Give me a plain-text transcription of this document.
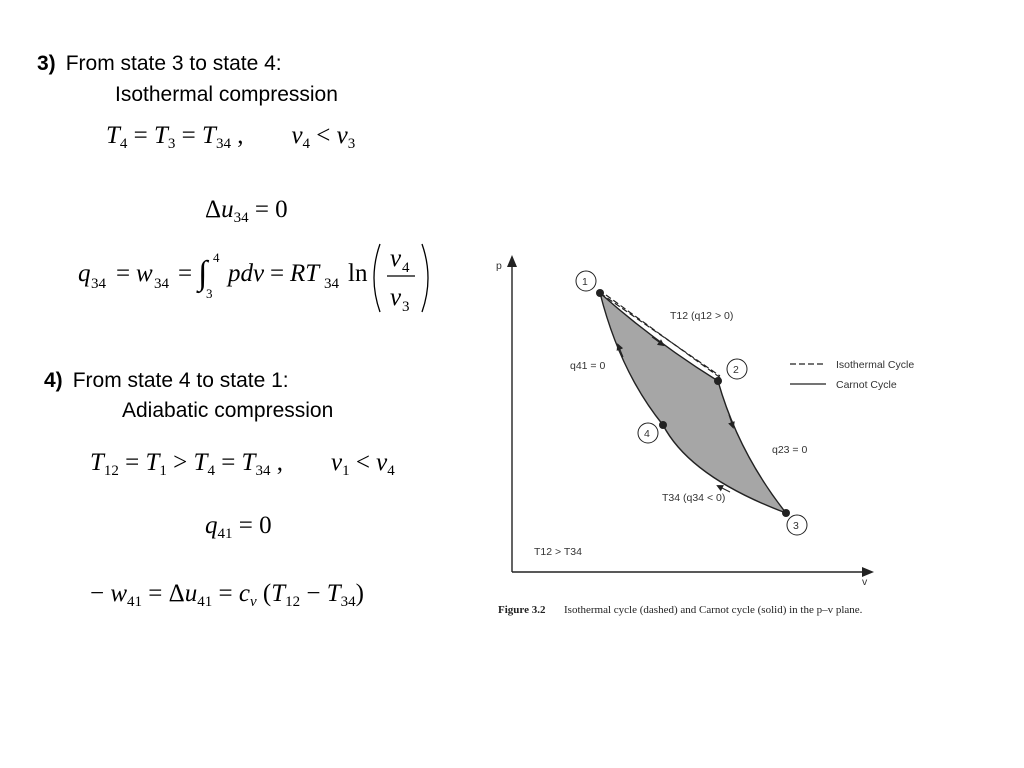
3) From state 3 to state 4:
Isothermal compression
$T_4 = T_3 = T_{34}$ , $v_4 < v_3$
$\Delta u_{34} = 0$
q 34 = w 34 = ∫ 4
3
pdv = RT 34 ln
v 4
v 3
4) From state 4 to state 1:
Adiabatic compression
$T_{12} = T_1 > T_4 = T_{34}$ , $v_1 < v_4$
$q_{41} = 0$
− $w_{41} = \Delta u_{41} = c_v$ $(T_{12} - T_{34})$
p
v
1
2
3
4
T12 (q12 > 0)
q41 = 0
q23 = 0
T34 (q34 < 0)
T12 > T34
Isothermal Cycle
Carnot Cycle
Figure 3.2 Isothermal cycle (dashed) and Carnot cycle (solid) in the p–v plane.
